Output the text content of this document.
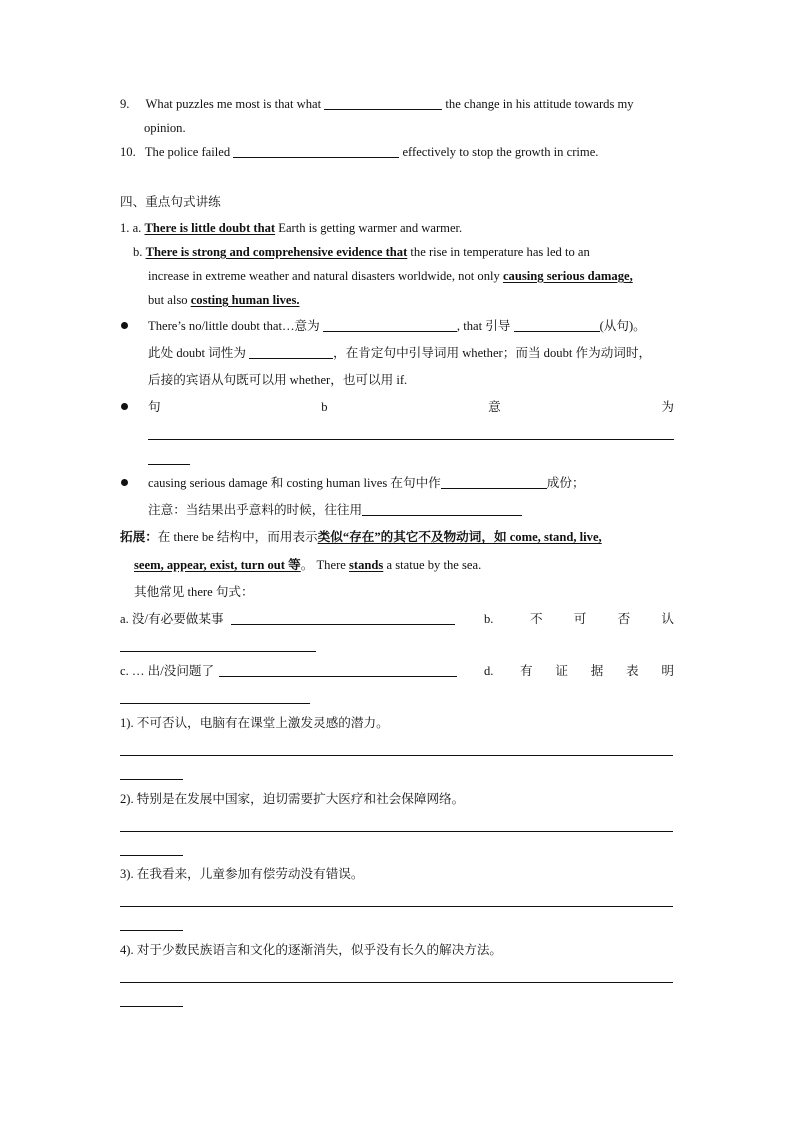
9. What puzzles me most is that what	the change in his attitude towards my
opinion.
10. The police failed	effectively to stop the growth in crime.
四、重点句式讲练
1. a. There is little doubt that Earth is getting warmer and warmer.
b. There is strong and comprehensive evidence that the rise in temperature has led to an
increase in extreme weather and natural disasters worldwide, not only causing serious damage,
but also costing human lives.
There’s no/little doubt that…意为	, that 引导	(从句)。
此处 doubt 词性为	，在肯定句中引导词用 whether；而当 doubt 作为动词时，
后接的宾语从句既可以用 whether，也可以用 if.
句	b	意	为
causing serious damage 和 costing human lives 在句中作	成份；
注意：当结果出乎意料的时候，往往用
拓展：在 there be 结构中，而用表示类似“存在”的其它不及物动词，如 come, stand, live,
seem, appear, exist, turn out 等。 There stands a statue by the sea.
其他常见 there 句式：
a. 没/有必要做某事	b.	不 可 否 认
c. … 出/没问题了	d. 有 证 据 表 明
1). 不可否认，电脑有在课堂上激发灵感的潜力。
2). 特别是在发展中国家，迫切需要扩大医疗和社会保障网络。
3). 在我看来，儿童参加有偿劳动没有错误。
4). 对于少数民族语言和文化的逐渐消失，似乎没有长久的解决方法。
